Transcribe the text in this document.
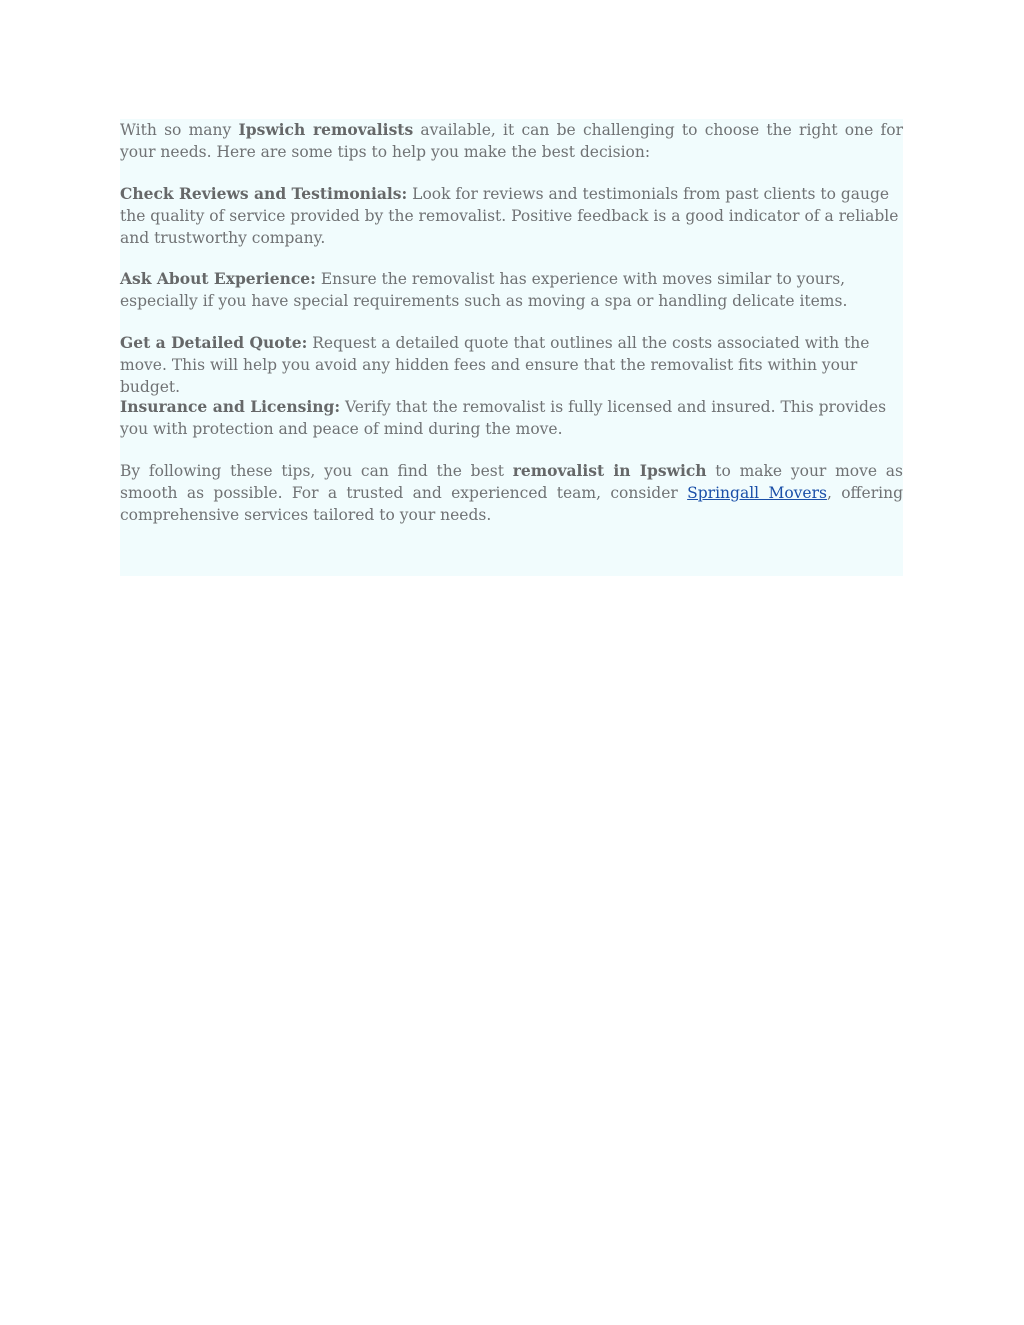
With so many Ipswich removalists available, it can be challenging to choose the right one for your needs. Here are some tips to help you make the best decision:

Check Reviews and Testimonials: Look for reviews and testimonials from past clients to gauge the quality of service provided by the removalist. Positive feedback is a good indicator of a reliable and trustworthy company.

Ask About Experience: Ensure the removalist has experience with moves similar to yours, especially if you have special requirements such as moving a spa or handling delicate items.

Get a Detailed Quote: Request a detailed quote that outlines all the costs associated with the move. This will help you avoid any hidden fees and ensure that the removalist fits within your budget.

Insurance and Licensing: Verify that the removalist is fully licensed and insured. This provides you with protection and peace of mind during the move.

By following these tips, you can find the best removalist in Ipswich to make your move as smooth as possible. For a trusted and experienced team, consider Springall Movers, offering comprehensive services tailored to your needs.
